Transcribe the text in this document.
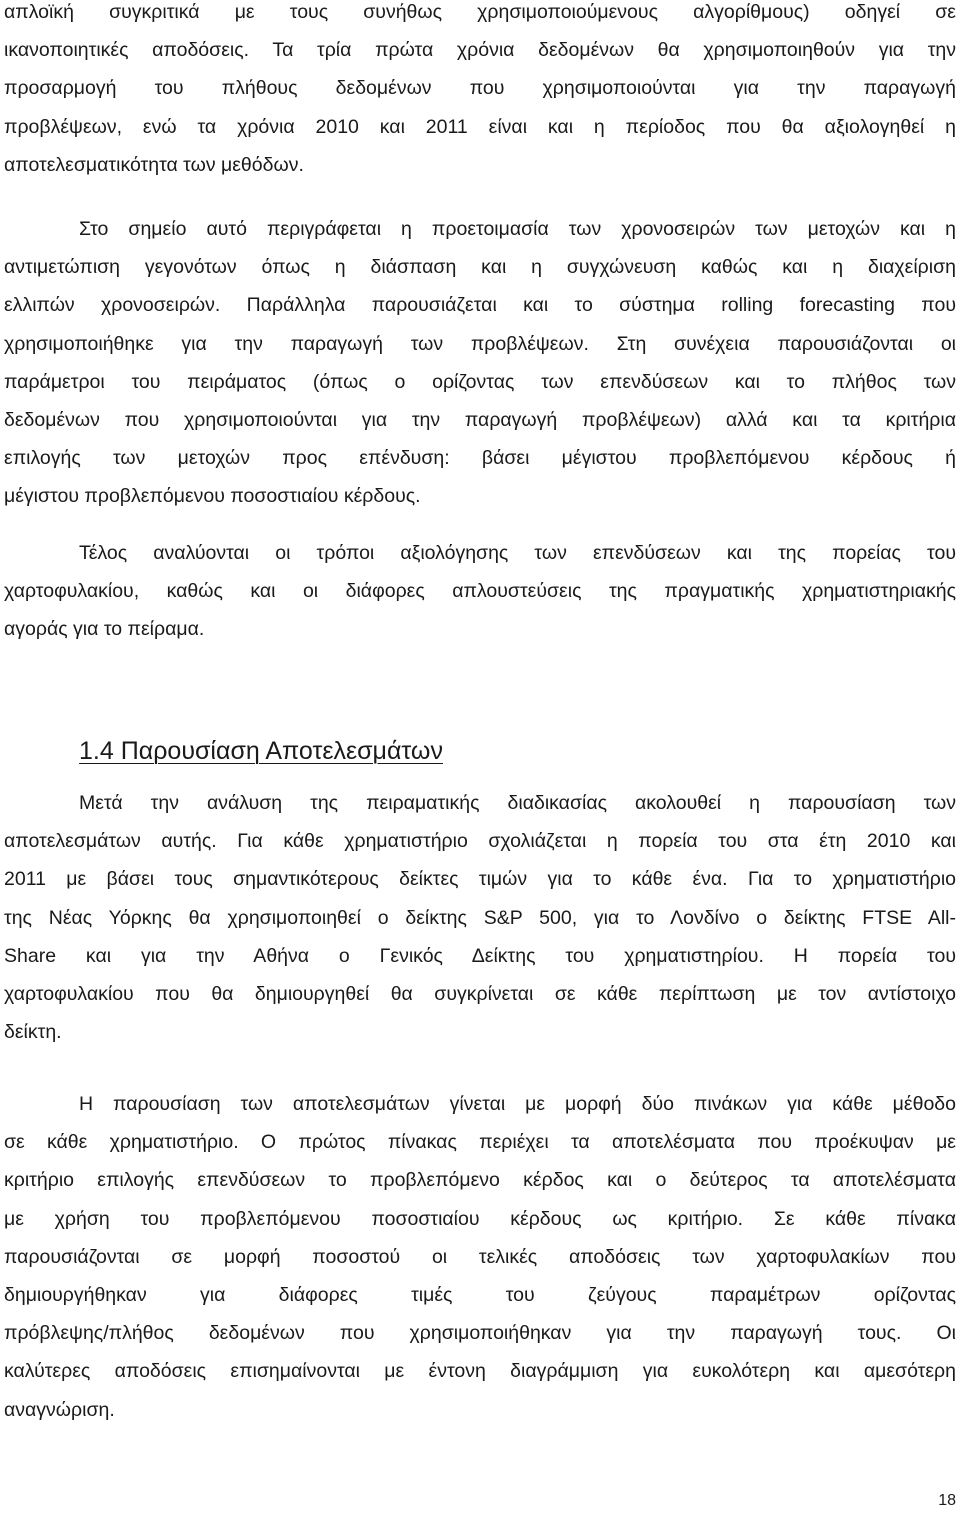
απλοϊκή συγκριτικά με τους συνήθως χρησιμοποιούμενους αλγορίθμους) οδηγεί σε
ικανοποιητικές αποδόσεις. Τα τρία πρώτα χρόνια δεδομένων θα χρησιμοποιηθούν για την
προσαρμογή του πλήθους δεδομένων που χρησιμοποιούνται για την παραγωγή
προβλέψεων, ενώ τα χρόνια 2010 και 2011 είναι και η περίοδος που θα αξιολογηθεί η
αποτελεσματικότητα των μεθόδων.
Στο σημείο αυτό περιγράφεται η προετοιμασία των χρονοσειρών των μετοχών και η
αντιμετώπιση γεγονότων όπως η διάσπαση και η συγχώνευση καθώς και η διαχείριση
ελλιπών χρονοσειρών. Παράλληλα παρουσιάζεται και το σύστημα rolling forecasting που
χρησιμοποιήθηκε για την παραγωγή των προβλέψεων. Στη συνέχεια παρουσιάζονται οι
παράμετροι του πειράματος (όπως ο ορίζοντας των επενδύσεων και το πλήθος των
δεδομένων που χρησιμοποιούνται για την παραγωγή προβλέψεων) αλλά και τα κριτήρια
επιλογής των μετοχών προς επένδυση: βάσει μέγιστου προβλεπόμενου κέρδους ή
μέγιστου προβλεπόμενου ποσοστιαίου κέρδους.
Τέλος αναλύονται οι τρόποι αξιολόγησης των επενδύσεων και της πορείας του
χαρτοφυλακίου, καθώς και οι διάφορες απλουστεύσεις της πραγματικής χρηματιστηριακής
αγοράς για το πείραμα.
1.4 Παρουσίαση Αποτελεσμάτων
Μετά την ανάλυση της πειραματικής διαδικασίας ακολουθεί η παρουσίαση των
αποτελεσμάτων αυτής. Για κάθε χρηματιστήριο σχολιάζεται η πορεία του στα έτη 2010 και
2011 με βάσει τους σημαντικότερους δείκτες τιμών για το κάθε ένα. Για το χρηματιστήριο
της Νέας Υόρκης θα χρησιμοποιηθεί ο δείκτης S&P 500, για το Λονδίνο ο δείκτης FTSE All-
Share και για την Αθήνα ο Γενικός Δείκτης του χρηματιστηρίου. Η πορεία του
χαρτοφυλακίου που θα δημιουργηθεί θα συγκρίνεται σε κάθε περίπτωση με τον αντίστοιχο
δείκτη.
Η παρουσίαση των αποτελεσμάτων γίνεται με μορφή δύο πινάκων για κάθε μέθοδο
σε κάθε χρηματιστήριο. Ο πρώτος πίνακας περιέχει τα αποτελέσματα που προέκυψαν με
κριτήριο επιλογής επενδύσεων το προβλεπόμενο κέρδος και ο δεύτερος τα αποτελέσματα
με χρήση του προβλεπόμενου ποσοστιαίου κέρδους ως κριτήριο. Σε κάθε πίνακα
παρουσιάζονται σε μορφή ποσοστού οι τελικές αποδόσεις των χαρτοφυλακίων που
δημιουργήθηκαν για διάφορες τιμές του ζεύγους παραμέτρων ορίζοντας
πρόβλεψης/πλήθος δεδομένων που χρησιμοποιήθηκαν για την παραγωγή τους. Οι
καλύτερες αποδόσεις επισημαίνονται με έντονη διαγράμμιση για ευκολότερη και αμεσότερη
αναγνώριση.
18
